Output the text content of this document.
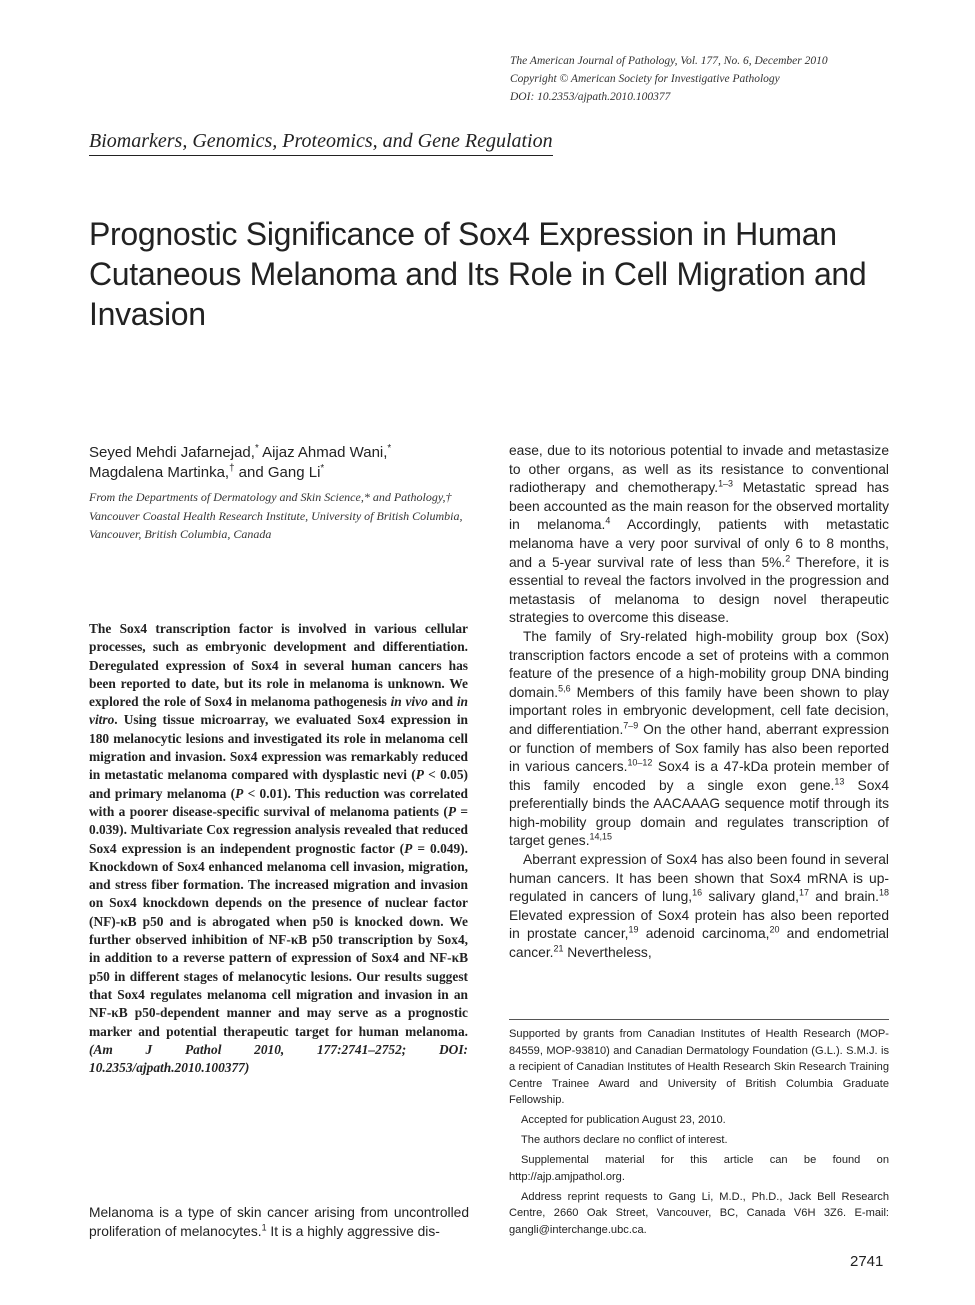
The American Journal of Pathology, Vol. 177, No. 6, December 2010
Copyright © American Society for Investigative Pathology
DOI: 10.2353/ajpath.2010.100377
Biomarkers, Genomics, Proteomics, and Gene Regulation
Prognostic Significance of Sox4 Expression in Human Cutaneous Melanoma and Its Role in Cell Migration and Invasion
Seyed Mehdi Jafarnejad,* Aijaz Ahmad Wani,*
Magdalena Martinka,† and Gang Li*
From the Departments of Dermatology and Skin Science,* and Pathology,† Vancouver Coastal Health Research Institute, University of British Columbia, Vancouver, British Columbia, Canada
The Sox4 transcription factor is involved in various cellular processes, such as embryonic development and differentiation. Deregulated expression of Sox4 in several human cancers has been reported to date, but its role in melanoma is unknown. We explored the role of Sox4 in melanoma pathogenesis in vivo and in vitro. Using tissue microarray, we evaluated Sox4 expression in 180 melanocytic lesions and investigated its role in melanoma cell migration and invasion. Sox4 expression was remarkably reduced in metastatic melanoma compared with dysplastic nevi (P < 0.05) and primary melanoma (P < 0.01). This reduction was correlated with a poorer disease-specific survival of melanoma patients (P = 0.039). Multivariate Cox regression analysis revealed that reduced Sox4 expression is an independent prognostic factor (P = 0.049). Knockdown of Sox4 enhanced melanoma cell invasion, migration, and stress fiber formation. The increased migration and invasion on Sox4 knockdown depends on the presence of nuclear factor (NF)-κB p50 and is abrogated when p50 is knocked down. We further observed inhibition of NF-κB p50 transcription by Sox4, in addition to a reverse pattern of expression of Sox4 and NF-κB p50 in different stages of melanocytic lesions. Our results suggest that Sox4 regulates melanoma cell migration and invasion in an NF-κB p50-dependent manner and may serve as a prognostic marker and potential therapeutic target for human melanoma. (Am J Pathol 2010, 177:2741–2752; DOI: 10.2353/ajpath.2010.100377)
Melanoma is a type of skin cancer arising from uncontrolled proliferation of melanocytes.$^1$ It is a highly aggressive dis-

ease, due to its notorious potential to invade and metastasize to other organs, as well as its resistance to conventional radiotherapy and chemotherapy.$^{1-3}$ Metastatic spread has been accounted as the main reason for the observed mortality in melanoma.$^4$ Accordingly, patients with metastatic melanoma have a very poor survival of only 6 to 8 months, and a 5-year survival rate of less than 5%.$^2$ Therefore, it is essential to reveal the factors involved in the progression and metastasis of melanoma to design novel therapeutic strategies to overcome this disease.

The family of Sry-related high-mobility group box (Sox) transcription factors encode a set of proteins with a common feature of the presence of a high-mobility group DNA binding domain.$^{5,6}$ Members of this family have been shown to play important roles in embryonic development, cell fate decision, and differentiation.$^{7-9}$ On the other hand, aberrant expression or function of members of Sox family has also been reported in various cancers.$^{10-12}$ Sox4 is a 47-kDa protein member of this family encoded by a single exon gene.$^{13}$ Sox4 preferentially binds the AACAAAG sequence motif through its high-mobility group domain and regulates transcription of target genes.$^{14,15}$

Aberrant expression of Sox4 has also been found in several human cancers. It has been shown that Sox4 mRNA is up-regulated in cancers of lung,$^{16}$ salivary gland,$^{17}$ and brain.$^{18}$ Elevated expression of Sox4 protein has also been reported in prostate cancer,$^{19}$ adenoid carcinoma,$^{20}$ and endometrial cancer.$^{21}$ Nevertheless,

Supported by grants from Canadian Institutes of Health Research (MOP-84559, MOP-93810) and Canadian Dermatology Foundation (G.L.). S.M.J. is a recipient of Canadian Institutes of Health Research Skin Research Training Centre Trainee Award and University of British Columbia Graduate Fellowship.

Accepted for publication August 23, 2010.

The authors declare no conflict of interest.

Supplemental material for this article can be found on http://ajp.amjpathol.org.

Address reprint requests to Gang Li, M.D., Ph.D., Jack Bell Research Centre, 2660 Oak Street, Vancouver, BC, Canada V6H 3Z6. E-mail: gangli@interchange.ubc.ca.

2741
